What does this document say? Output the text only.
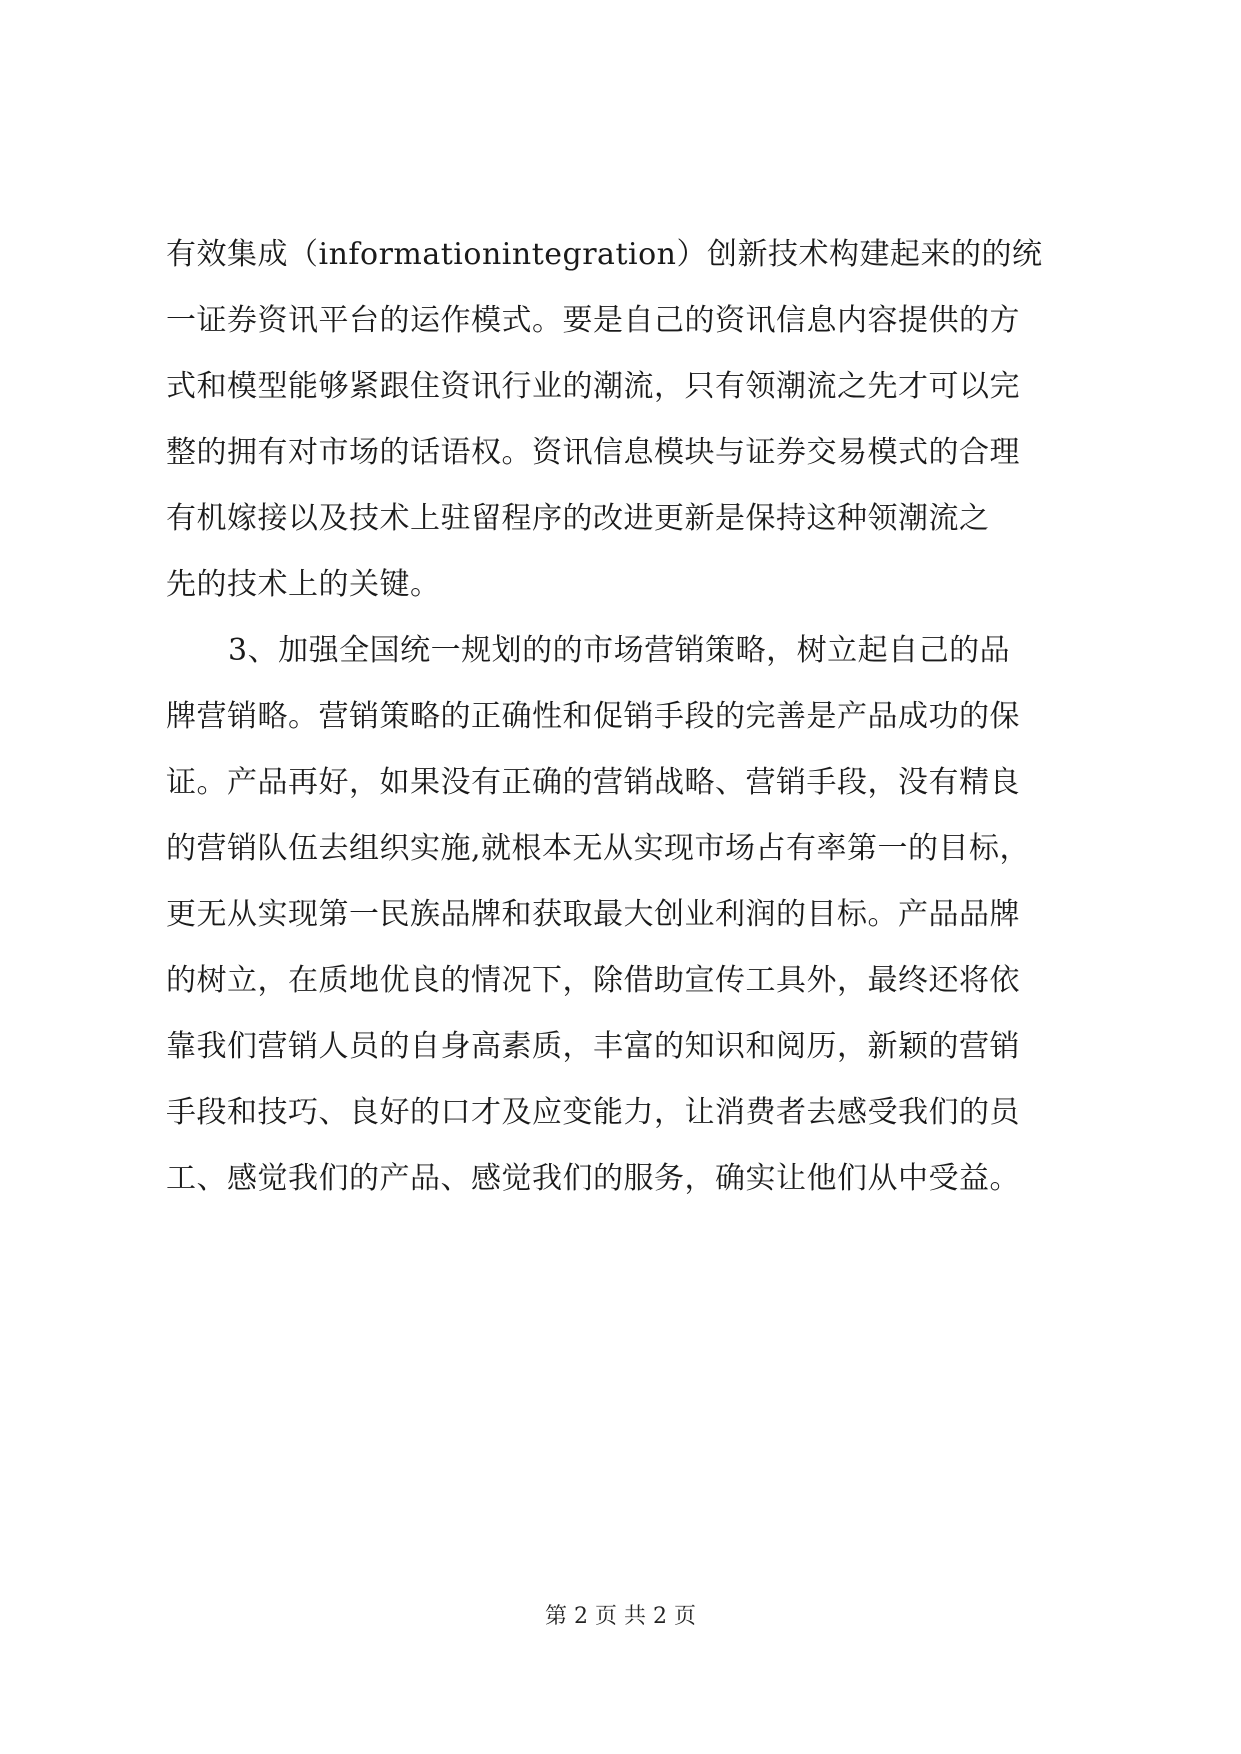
有效集成（informationintegration）创新技术构建起来的的统
一证券资讯平台的运作模式。要是自己的资讯信息内容提供的方
式和模型能够紧跟住资讯行业的潮流，只有领潮流之先才可以完
整的拥有对市场的话语权。资讯信息模块与证券交易模式的合理
有机嫁接以及技术上驻留程序的改进更新是保持这种领潮流之
先的技术上的关键。
3、加强全国统一规划的的市场营销策略，树立起自己的品
牌营销略。营销策略的正确性和促销手段的完善是产品成功的保
证。产品再好，如果没有正确的营销战略、营销手段，没有精良
的营销队伍去组织实施,就根本无从实现市场占有率第一的目标，
更无从实现第一民族品牌和获取最大创业利润的目标。产品品牌
的树立，在质地优良的情况下，除借助宣传工具外，最终还将依
靠我们营销人员的自身高素质，丰富的知识和阅历，新颖的营销
手段和技巧、良好的口才及应变能力，让消费者去感受我们的员
工、感觉我们的产品、感觉我们的服务，确实让他们从中受益。
第 2 页 共 2 页
